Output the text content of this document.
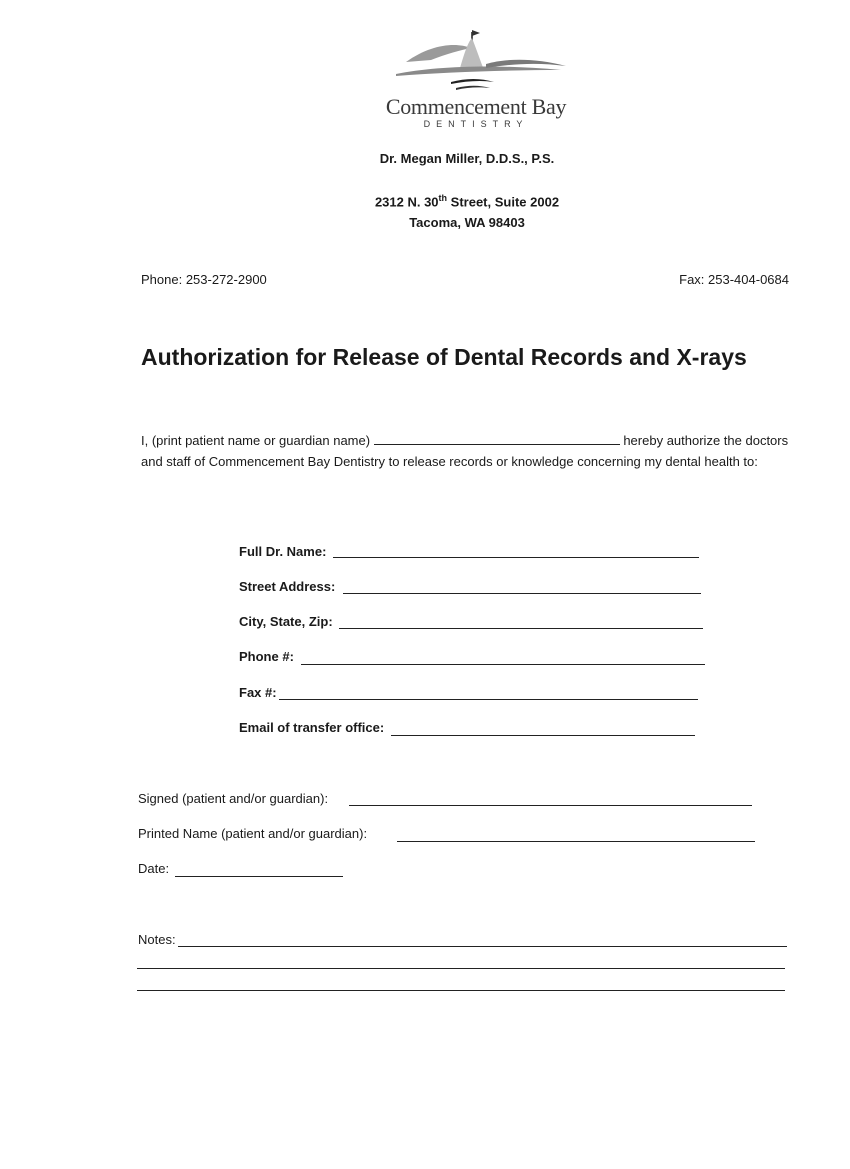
Commencement Bay
DENTISTRY
Dr. Megan Miller, D.D.S., P.S.
2312 N. 30th Street, Suite 2002
Tacoma, WA 98403
Phone: 253-272-2900	Fax: 253-404-0684
Authorization for Release of Dental Records and X-rays
I, (print patient name or guardian name)	hereby authorize the doctors and staff of Commencement Bay Dentistry to release records or knowledge concerning my dental health to:
Full Dr. Name:
Street Address:
City, State, Zip:
Phone #:
Fax #:
Email of transfer office:
Signed (patient and/or guardian):
Printed Name (patient and/or guardian):
Date:
Notes:
